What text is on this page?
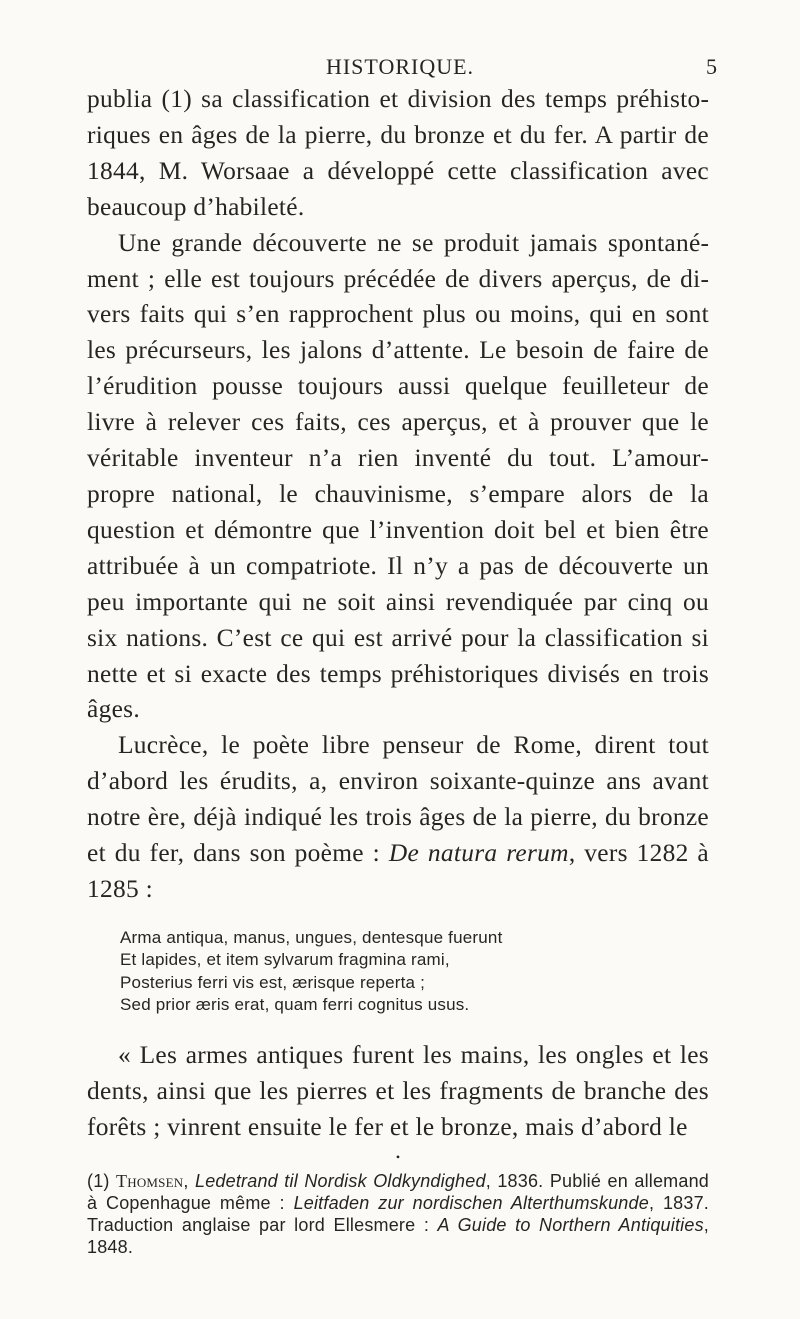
HISTORIQUE.	5

publia (1) sa classification et division des temps préhistoriques en âges de la pierre, du bronze et du fer. A partir de 1844, M. Worsaae a développé cette classification avec beaucoup d’habileté.

Une grande découverte ne se produit jamais spontanément ; elle est toujours précédée de divers aperçus, de divers faits qui s’en rapprochent plus ou moins, qui en sont les précurseurs, les jalons d’attente. Le besoin de faire de l’érudition pousse toujours aussi quelque feuilleteur de livre à relever ces faits, ces aperçus, et à prouver que le véritable inventeur n’a rien inventé du tout. L’amour-propre national, le chauvinisme, s’empare alors de la question et démontre que l’invention doit bel et bien être attribuée à un compatriote. Il n’y a pas de découverte un peu importante qui ne soit ainsi revendiquée par cinq ou six nations. C’est ce qui est arrivé pour la classification si nette et si exacte des temps préhistoriques divisés en trois âges.

Lucrèce, le poète libre penseur de Rome, dirent tout d’abord les érudits, a, environ soixante-quinze ans avant notre ère, déjà indiqué les trois âges de la pierre, du bronze et du fer, dans son poème : De natura rerum, vers 1282 à 1285 :

Arma antiqua, manus, ungues, dentesque fuerunt
Et lapides, et item sylvarum fragmina rami,
Posterius ferri vis est, ærisque reperta ;
Sed prior æris erat, quam ferri cognitus usus.

« Les armes antiques furent les mains, les ongles et les dents, ainsi que les pierres et les fragments de branche des forêts ; vinrent ensuite le fer et le bronze, mais d’abord le

•
(1) Thomsen, Ledetrand til Nordisk Oldkyndighed, 1836. Publié en allemand à Copenhague même : Leitfaden zur nordischen Alterthumskunde, 1837. Traduction anglaise par lord Ellesmere : A Guide to Northern Antiquities, 1848.
